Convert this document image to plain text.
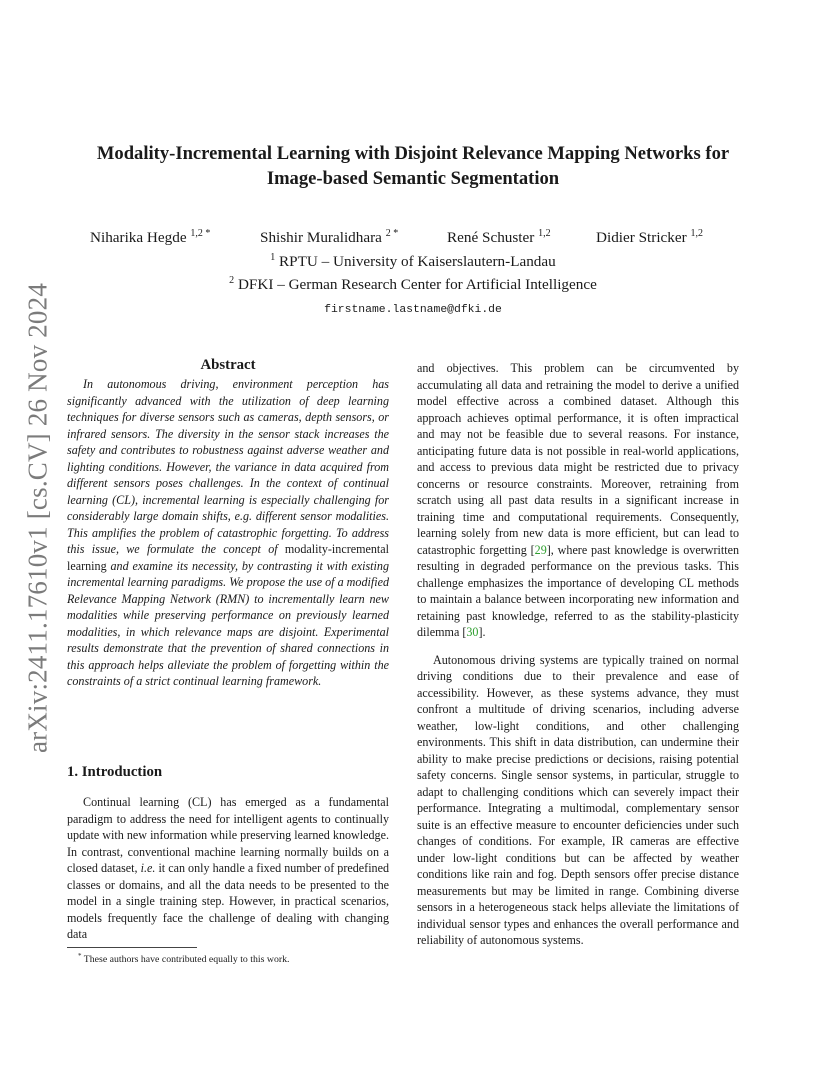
arXiv:2411.17610v1 [cs.CV] 26 Nov 2024
Modality-Incremental Learning with Disjoint Relevance Mapping Networks for
Image-based Semantic Segmentation
Niharika Hegde $^{1,2 *}$	Shishir Muralidhara $^{2 *}$	René Schuster $^{1,2}$	Didier Stricker $^{1,2}$
$^1$ RPTU – University of Kaiserslautern-Landau
$^2$ DFKI – German Research Center for Artificial Intelligence
firstname.lastname@dfki.de
Abstract

In autonomous driving, environment perception has significantly advanced with the utilization of deep learning techniques for diverse sensors such as cameras, depth sensors, or infrared sensors. The diversity in the sensor stack increases the safety and contributes to robustness against adverse weather and lighting conditions. However, the variance in data acquired from different sensors poses challenges. In the context of continual learning (CL), incremental learning is especially challenging for considerably large domain shifts, e.g. different sensor modalities. This amplifies the problem of catastrophic forgetting. To address this issue, we formulate the concept of modality-incremental learning and examine its necessity, by contrasting it with existing incremental learning paradigms. We propose the use of a modified Relevance Mapping Network (RMN) to incrementally learn new modalities while preserving performance on previously learned modalities, in which relevance maps are disjoint. Experimental results demonstrate that the prevention of shared connections in this approach helps alleviate the problem of forgetting within the constraints of a strict continual learning framework.

1. Introduction

Continual learning (CL) has emerged as a fundamental paradigm to address the need for intelligent agents to continually update with new information while preserving learned knowledge. In contrast, conventional machine learning normally builds on a closed dataset, i.e. it can only handle a fixed number of predefined classes or domains, and all the data needs to be presented to the model in a single training step. However, in practical scenarios, models frequently face the challenge of dealing with changing data

and objectives. This problem can be circumvented by accumulating all data and retraining the model to derive a unified model effective across a combined dataset. Although this approach achieves optimal performance, it is often impractical and may not be feasible due to several reasons. For instance, anticipating future data is not possible in real-world applications, and access to previous data might be restricted due to privacy concerns or resource constraints. Moreover, retraining from scratch using all past data results in a significant increase in training time and computational requirements. Consequently, learning solely from new data is more efficient, but can lead to catastrophic forgetting [29], where past knowledge is overwritten resulting in degraded performance on the previous tasks. This challenge emphasizes the importance of developing CL methods to maintain a balance between incorporating new information and retaining past knowledge, referred to as the stability-plasticity dilemma [30].

Autonomous driving systems are typically trained on normal driving conditions due to their prevalence and ease of accessibility. However, as these systems advance, they must confront a multitude of driving scenarios, including adverse weather, low-light conditions, and other challenging environments. This shift in data distribution, can undermine their ability to make precise predictions or decisions, raising potential safety concerns. Single sensor systems, in particular, struggle to adapt to challenging conditions which can severely impact their performance. Integrating a multimodal, complementary sensor suite is an effective measure to encounter deficiencies under such changes of conditions. For example, IR cameras are effective under low-light conditions but can be affected by weather conditions like rain and fog. Depth sensors offer precise distance measurements but may be limited in range. Combining diverse sensors in a heterogeneous stack helps alleviate the limitations of individual sensor types and enhances the overall performance and reliability of autonomous systems.

* These authors have contributed equally to this work.
